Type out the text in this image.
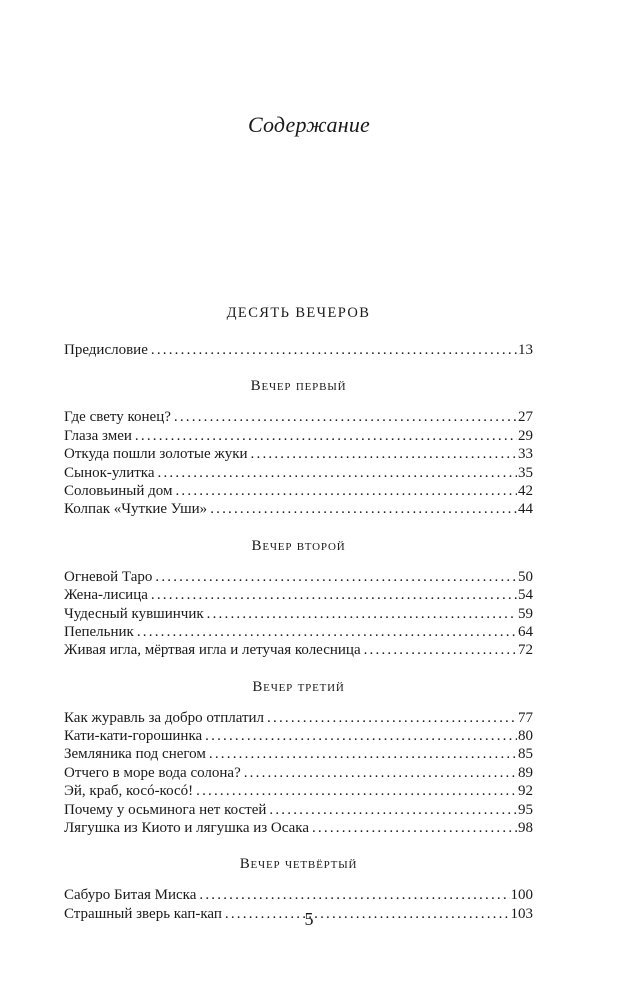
Содержание
ДЕСЯТЬ ВЕЧЕРОВ
Предисловие .....	13
Вечер первый
Где свету конец? .....	27
Глаза змеи .....	29
Откуда пошли золотые жуки .....	33
Сынок-улитка .....	35
Соловьиный дом .....	42
Колпак «Чуткие Уши» .....	44
Вечер второй
Огневой Таро .....	50
Жена-лисица .....	54
Чудесный кувшинчик .....	59
Пепельник .....	64
Живая игла, мёртвая игла и летучая колесница .....	72
Вечер третий
Как журавль за добро отплатил .....	77
Кати-кати-горошинка .....	80
Земляника под снегом .....	85
Отчего в море вода солона? .....	89
Эй, краб, косó-косó! .....	92
Почему у осьминога нет костей .....	95
Лягушка из Киото и лягушка из Осака .....	98
Вечер четвёртый
Сабуро Битая Миска .....	100
Страшный зверь кап-кап .....	103
5
